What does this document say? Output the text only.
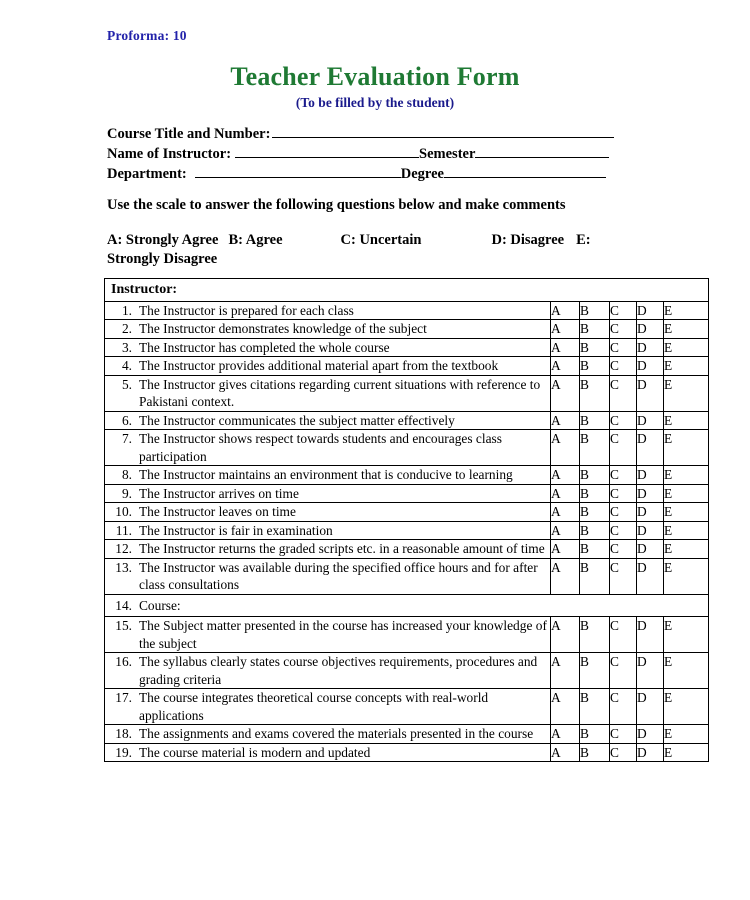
Proforma: 10
Teacher Evaluation Form
(To be filled by the student)
Course Title and Number:
Name of Instructor:	Semester
Department:	Degree
Use the scale to answer the following questions below and make comments
A: Strongly Agree B: Agree	C: Uncertain	D: Disagree E: Strongly Disagree
Instructor:					

1. The Instructor is prepared for each class	A	B	C	D	E

2. The Instructor demonstrates knowledge of the subject	A	B	C	D	E

3. The Instructor has completed the whole course	A	B	C	D	E

4. The Instructor provides additional material apart from the textbook	A	B	C	D	E

5. The Instructor gives citations regarding current situations with reference to Pakistani context.	A	B	C	D	E

6. The Instructor communicates the subject matter effectively	A	B	C	D	E

7. The Instructor shows respect towards students and encourages class participation	A	B	C	D	E

8. The Instructor maintains an environment that is conducive to learning	A	B	C	D	E

9. The Instructor arrives on time	A	B	C	D	E

10. The Instructor leaves on time	A	B	C	D	E

11. The Instructor is fair in examination	A	B	C	D	E

12. The Instructor returns the graded scripts etc. in a reasonable amount of time	A	B	C	D	E

13. The Instructor was available during the specified office hours and for after class consultations	A	B	C	D	E

14. Course:					

15. The Subject matter presented in the course has increased your knowledge of the subject	A	B	C	D	E

16. The syllabus clearly states course objectives requirements, procedures and grading criteria	A	B	C	D	E

17. The course integrates theoretical course concepts with real-world applications	A	B	C	D	E

18. The assignments and exams covered the materials presented in the course	A	B	C	D	E

19. The course material is modern and updated	A	B	C	D	E
